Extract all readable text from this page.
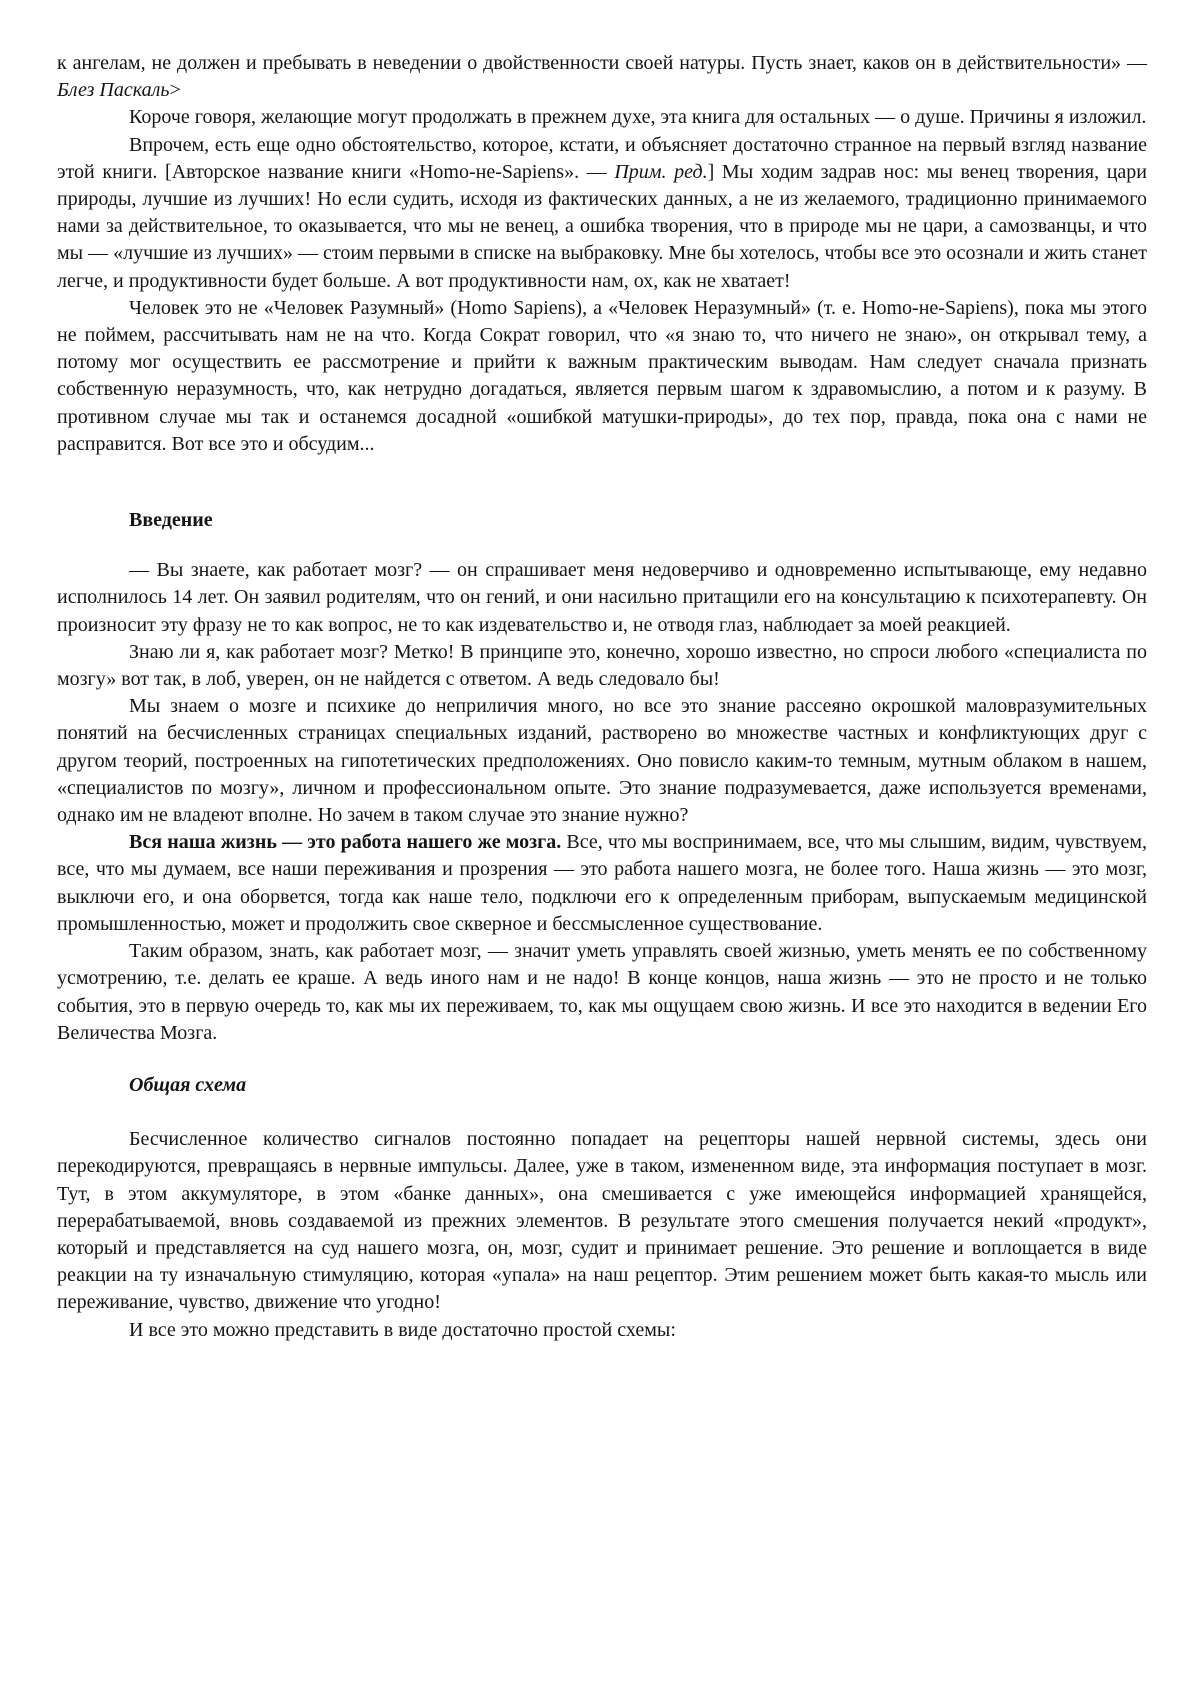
к ангелам, не должен и пребывать в неведении о двойственности своей натуры. Пусть знает, каков он в действительности» — Блез Паскаль>

Короче говоря, желающие могут продолжать в прежнем духе, эта книга для остальных — о душе. Причины я изложил.

Впрочем, есть еще одно обстоятельство, которое, кстати, и объясняет достаточно странное на первый взгляд название этой книги. [Авторское название книги «Homo-не-Sapiens». — Прим. ред.] Мы ходим задрав нос: мы венец творения, цари природы, лучшие из лучших! Но если судить, исходя из фактических данных, а не из желаемого, традиционно принимаемого нами за действительное, то оказывается, что мы не венец, а ошибка творения, что в природе мы не цари, а самозванцы, и что мы — «лучшие из лучших» — стоим первыми в списке на выбраковку. Мне бы хотелось, чтобы все это осознали и жить станет легче, и продуктивности будет больше. А вот продуктивности нам, ох, как не хватает!

Человек это не «Человек Разумный» (Homo Sapiens), а «Человек Неразумный» (т. е. Homo-не-Sapiens), пока мы этого не поймем, рассчитывать нам не на что. Когда Сократ говорил, что «я знаю то, что ничего не знаю», он открывал тему, а потому мог осуществить ее рассмотрение и прийти к важным практическим выводам. Нам следует сначала признать собственную неразумность, что, как нетрудно догадаться, является первым шагом к здравомыслию, а потом и к разуму. В противном случае мы так и останемся досадной «ошибкой матушки-природы», до тех пор, правда, пока она с нами не расправится. Вот все это и обсудим...

Введение

— Вы знаете, как работает мозг? — он спрашивает меня недоверчиво и одновременно испытывающе, ему недавно исполнилось 14 лет. Он заявил родителям, что он гений, и они насильно притащили его на консультацию к психотерапевту. Он произносит эту фразу не то как вопрос, не то как издевательство и, не отводя глаз, наблюдает за моей реакцией.

Знаю ли я, как работает мозг? Метко! В принципе это, конечно, хорошо известно, но спроси любого «специалиста по мозгу» вот так, в лоб, уверен, он не найдется с ответом. А ведь следовало бы!

Мы знаем о мозге и психике до неприличия много, но все это знание рассеяно окрошкой маловразумительных понятий на бесчисленных страницах специальных изданий, растворено во множестве частных и конфликтующих друг с другом теорий, построенных на гипотетических предположениях. Оно повисло каким-то темным, мутным облаком в нашем, «специалистов по мозгу», личном и профессиональном опыте. Это знание подразумевается, даже используется временами, однако им не владеют вполне. Но зачем в таком случае это знание нужно?

Вся наша жизнь — это работа нашего же мозга. Все, что мы воспринимаем, все, что мы слышим, видим, чувствуем, все, что мы думаем, все наши переживания и прозрения — это работа нашего мозга, не более того. Наша жизнь — это мозг, выключи его, и она оборвется, тогда как наше тело, подключи его к определенным приборам, выпускаемым медицинской промышленностью, может и продолжить свое скверное и бессмысленное существование.

Таким образом, знать, как работает мозг, — значит уметь управлять своей жизнью, уметь менять ее по собственному усмотрению, т.е. делать ее краше. А ведь иного нам и не надо! В конце концов, наша жизнь — это не просто и не только события, это в первую очередь то, как мы их переживаем, то, как мы ощущаем свою жизнь. И все это находится в ведении Его Величества Мозга.

Общая схема

Бесчисленное количество сигналов постоянно попадает на рецепторы нашей нервной системы, здесь они перекодируются, превращаясь в нервные импульсы. Далее, уже в таком, измененном виде, эта информация поступает в мозг. Тут, в этом аккумуляторе, в этом «банке данных», она смешивается с уже имеющейся информацией хранящейся, перерабатываемой, вновь создаваемой из прежних элементов. В результате этого смешения получается некий «продукт», который и представляется на суд нашего мозга, он, мозг, судит и принимает решение. Это решение и воплощается в виде реакции на ту изначальную стимуляцию, которая «упала» на наш рецептор. Этим решением может быть какая-то мысль или переживание, чувство, движение что угодно!

И все это можно представить в виде достаточно простой схемы:
